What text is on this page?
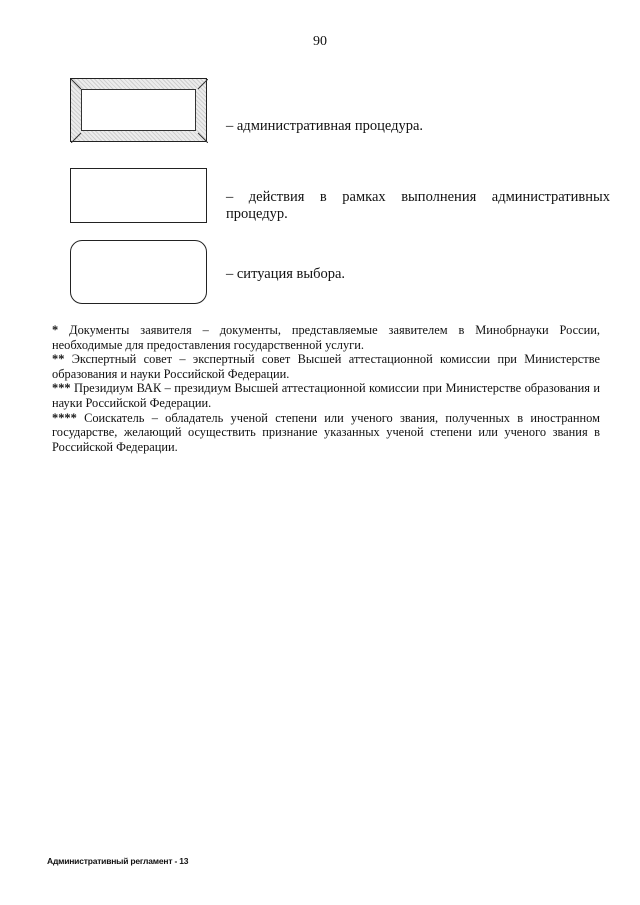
90
– административная процедура.
– действия в рамках выполнения административных процедур.
– ситуация выбора.

* Документы заявителя – документы, представляемые заявителем в Минобрнауки России, необходимые для предоставления государственной услуги.

** Экспертный совет – экспертный совет Высшей аттестационной комиссии при Министерстве образования и науки Российской Федерации.

*** Президиум ВАК – президиум Высшей аттестационной комиссии при Министерстве образования и науки Российской Федерации.

**** Соискатель – обладатель ученой степени или ученого звания, полученных в иностранном государстве, желающий осуществить признание указанных ученой степени или ученого звания в Российской Федерации.

Административный регламент - 13
